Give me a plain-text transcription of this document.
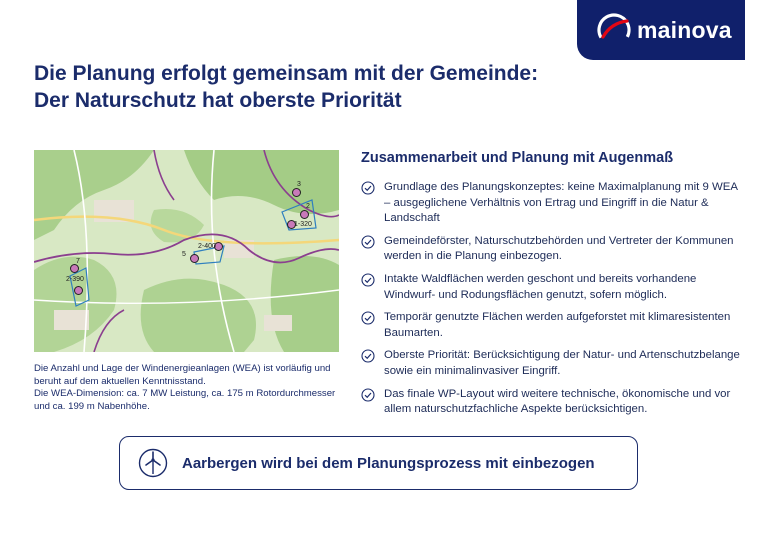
mainova
Die Planung erfolgt gemeinsam mit der Gemeinde:
Der Naturschutz hat oberste Priorität
3
2
1-320
2-400
5
2-390
7

Die Anzahl und Lage der Windenergieanlagen (WEA) ist vorläufig und beruht auf dem aktuellen Kenntnisstand.

Die WEA-Dimension: ca. 7 MW Leistung, ca. 175 m Rotordurchmesser und ca. 199 m Nabenhöhe.

Zusammenarbeit und Planung mit Augenmaß
Grundlage des Planungskonzeptes: keine Maximalplanung mit 9 WEA – ausgeglichene Verhältnis von Ertrag und Eingriff in die Natur & Landschaft
Gemeindeförster, Naturschutzbehörden und Vertreter der Kommunen werden in die Planung einbezogen.
Intakte Waldflächen werden geschont und bereits vorhandene Windwurf- und Rodungsflächen genutzt, sofern möglich.
Temporär genutzte Flächen werden aufgeforstet mit klimaresistenten Baumarten.
Oberste Priorität: Berücksichtigung der Natur- und Artenschutzbelange sowie ein minimalinvasiver Eingriff.
Das finale WP-Layout wird weitere technische, ökonomische und vor allem naturschutzfachliche Aspekte berücksichtigen.
Aarbergen wird bei dem Planungsprozess mit einbezogen
